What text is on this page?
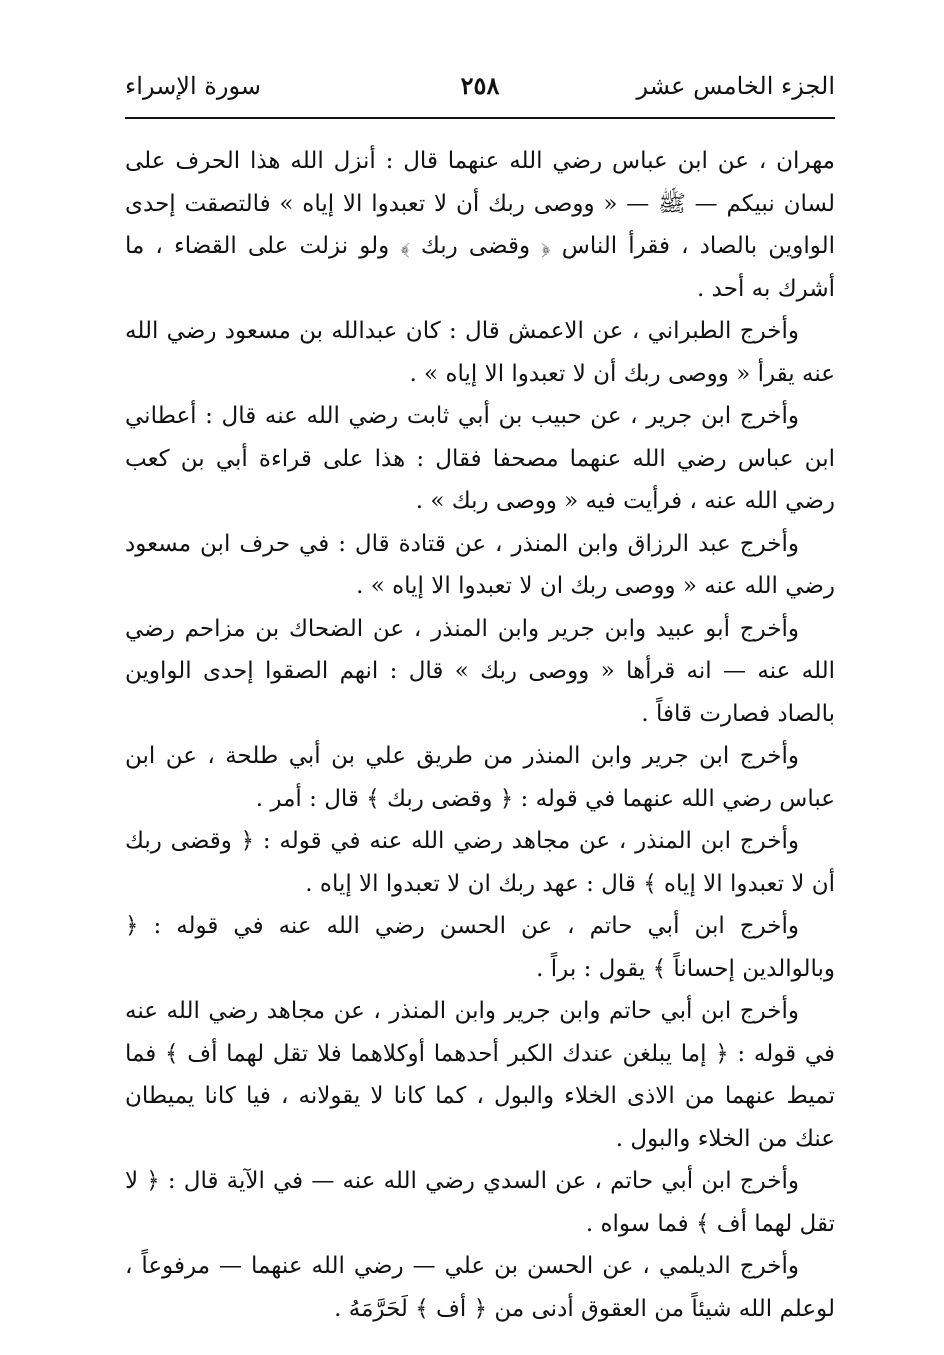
الجزء الخامس عشر
٢٥٨
سورة الإسراء

مهران ، عن ابن عباس رضي الله عنهما قال : أنزل الله هذا الحرف على لسان نبيكم — ﷺ — « ووصى ربك أن لا تعبدوا الا إياه » فالتصقت إحدى الواوين بالصاد ، فقرأ الناس ﴿ وقضى ربك ﴾ ولو نزلت على القضاء ، ما أشرك به أحد .

وأخرج الطبراني ، عن الاعمش قال : كان عبدالله بن مسعود رضي الله عنه يقرأ « ووصى ربك أن لا تعبدوا الا إياه » .

وأخرج ابن جرير ، عن حبيب بن أبي ثابت رضي الله عنه قال : أعطاني ابن عباس رضي الله عنهما مصحفا فقال : هذا على قراءة أبي بن كعب رضي الله عنه ، فرأيت فيه « ووصى ربك » .

وأخرج عبد الرزاق وابن المنذر ، عن قتادة قال : في حرف ابن مسعود رضي الله عنه « ووصى ربك ان لا تعبدوا الا إياه » .

وأخرج أبو عبيد وابن جرير وابن المنذر ، عن الضحاك بن مزاحم رضي الله عنه — انه قرأها « ووصى ربك » قال : انهم الصقوا إحدى الواوين بالصاد فصارت قافاً .

وأخرج ابن جرير وابن المنذر من طريق علي بن أبي طلحة ، عن ابن عباس رضي الله عنهما في قوله : ﴿ وقضى ربك ﴾ قال : أمر .

وأخرج ابن المنذر ، عن مجاهد رضي الله عنه في قوله : ﴿ وقضى ربك أن لا تعبدوا الا إياه ﴾ قال : عهد ربك ان لا تعبدوا الا إياه .

وأخرج ابن أبي حاتم ، عن الحسن رضي الله عنه في قوله : ﴿ وبالوالدين إحساناً ﴾ يقول : براً .

وأخرج ابن أبي حاتم وابن جرير وابن المنذر ، عن مجاهد رضي الله عنه في قوله : ﴿ إما يبلغن عندك الكبر أحدهما أوكلاهما فلا تقل لهما أف ﴾ فما تميط عنهما من الاذى الخلاء والبول ، كما كانا لا يقولانه ، فيا كانا يميطان عنك من الخلاء والبول .

وأخرج ابن أبي حاتم ، عن السدي رضي الله عنه — في الآية قال : ﴿ لا تقل لهما أف ﴾ فما سواه .

وأخرج الديلمي ، عن الحسن بن علي — رضي الله عنهما — مرفوعاً ، لوعلم الله شيئاً من العقوق أدنى من ﴿ أف ﴾ لَحَرَّمَهُ .
